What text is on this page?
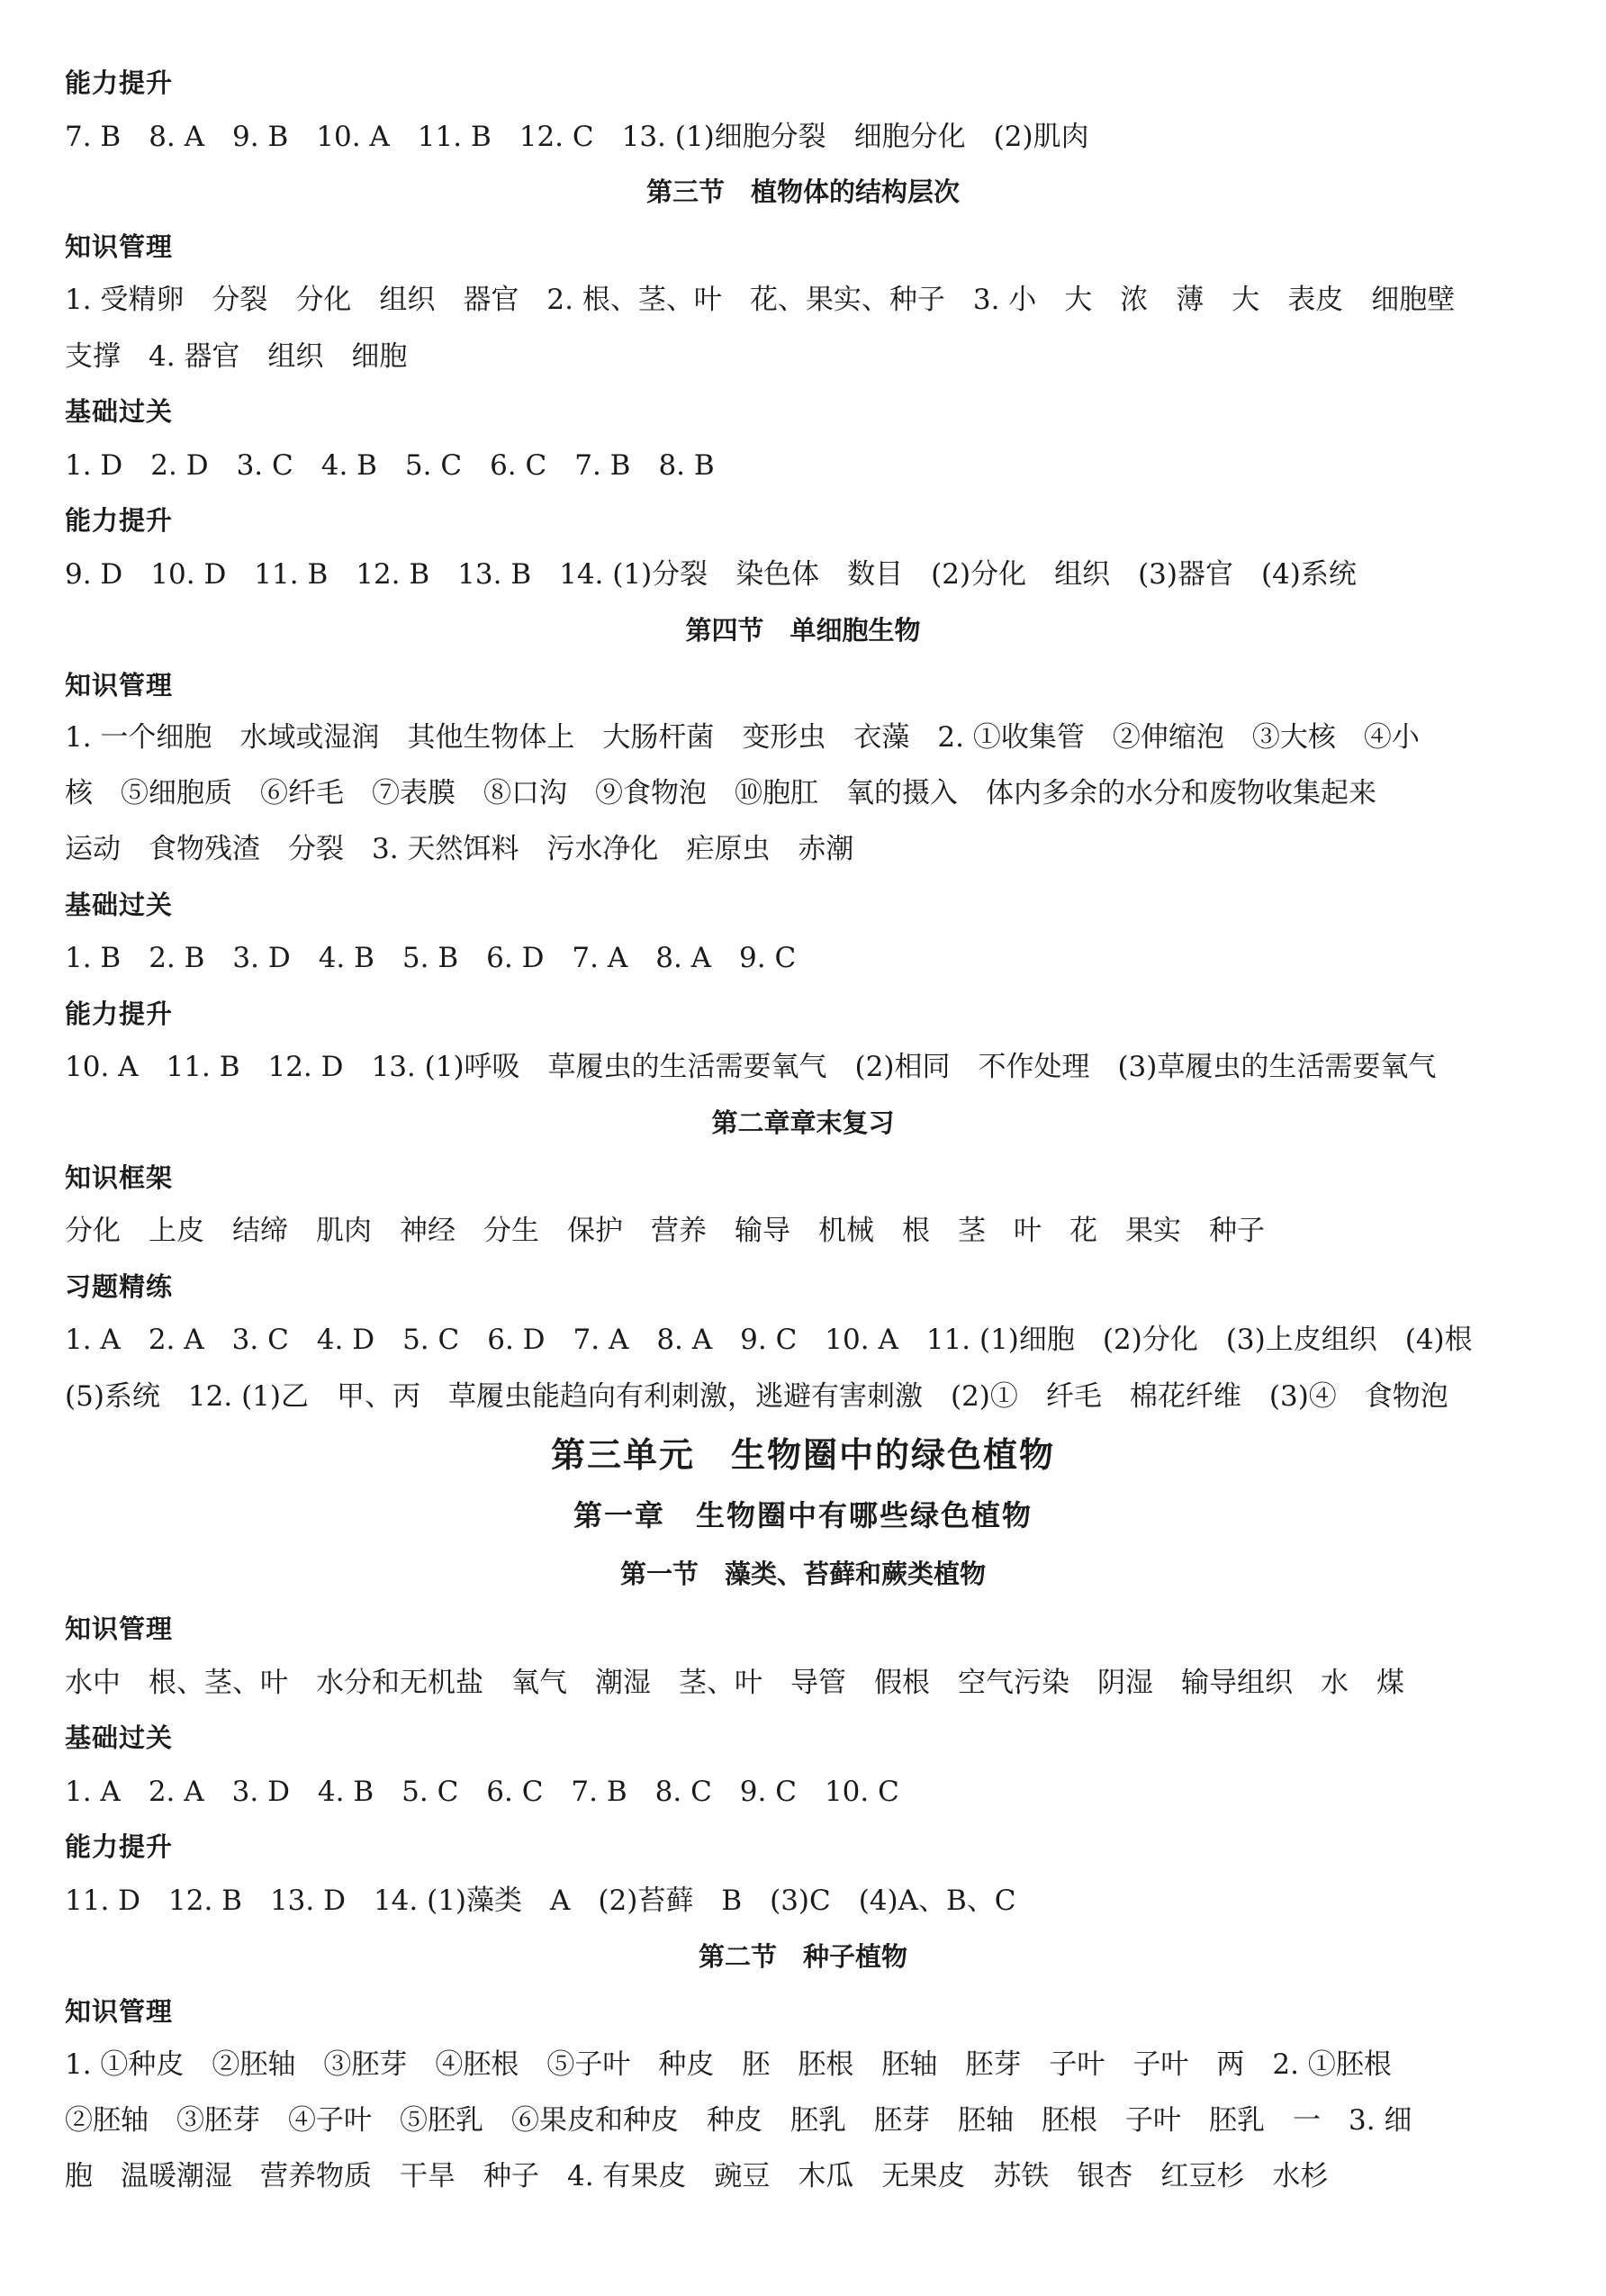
能力提升
7. B　8. A　9. B　10. A　11. B　12. C　13. (1)细胞分裂　细胞分化　(2)肌肉
第三节　植物体的结构层次
知识管理
1. 受精卵　分裂　分化　组织　器官　2. 根、茎、叶　花、果实、种子　3. 小　大　浓　薄　大　表皮　细胞壁
支撑　4. 器官　组织　细胞
基础过关
1. D　2. D　3. C　4. B　5. C　6. C　7. B　8. B
能力提升
9. D　10. D　11. B　12. B　13. B　14. (1)分裂　染色体　数目　(2)分化　组织　(3)器官　(4)系统
第四节　单细胞生物
知识管理
1. 一个细胞　水域或湿润　其他生物体上　大肠杆菌　变形虫　衣藻　2. ①收集管　②伸缩泡　③大核　④小
核　⑤细胞质　⑥纤毛　⑦表膜　⑧口沟　⑨食物泡　⑩胞肛　氧的摄入　体内多余的水分和废物收集起来
运动　食物残渣　分裂　3. 天然饵料　污水净化　疟原虫　赤潮
基础过关
1. B　2. B　3. D　4. B　5. B　6. D　7. A　8. A　9. C
能力提升
10. A　11. B　12. D　13. (1)呼吸　草履虫的生活需要氧气　(2)相同　不作处理　(3)草履虫的生活需要氧气
第二章章末复习
知识框架
分化　上皮　结缔　肌肉　神经　分生　保护　营养　输导　机械　根　茎　叶　花　果实　种子
习题精练
1. A　2. A　3. C　4. D　5. C　6. D　7. A　8. A　9. C　10. A　11. (1)细胞　(2)分化　(3)上皮组织　(4)根
(5)系统　12. (1)乙　甲、丙　草履虫能趋向有利刺激，逃避有害刺激　(2)①　纤毛　棉花纤维　(3)④　食物泡
第三单元　生物圈中的绿色植物
第一章　生物圈中有哪些绿色植物
第一节　藻类、苔藓和蕨类植物
知识管理
水中　根、茎、叶　水分和无机盐　氧气　潮湿　茎、叶　导管　假根　空气污染　阴湿　输导组织　水　煤
基础过关
1. A　2. A　3. D　4. B　5. C　6. C　7. B　8. C　9. C　10. C
能力提升
11. D　12. B　13. D　14. (1)藻类　A　(2)苔藓　B　(3)C　(4)A、B、C
第二节　种子植物
知识管理
1. ①种皮　②胚轴　③胚芽　④胚根　⑤子叶　种皮　胚　胚根　胚轴　胚芽　子叶　子叶　两　2. ①胚根
②胚轴　③胚芽　④子叶　⑤胚乳　⑥果皮和种皮　种皮　胚乳　胚芽　胚轴　胚根　子叶　胚乳　一　3. 细
胞　温暖潮湿　营养物质　干旱　种子　4. 有果皮　豌豆　木瓜　无果皮　苏铁　银杏　红豆杉　水杉
